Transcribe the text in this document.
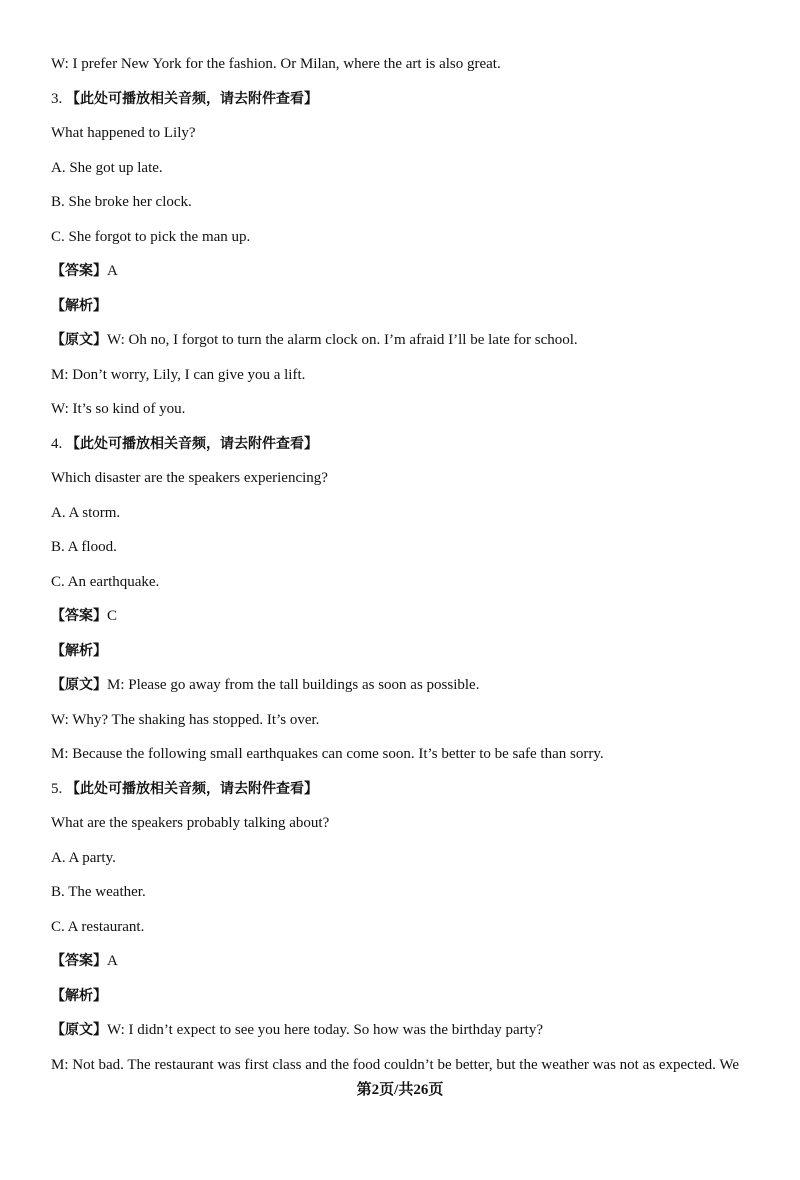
W: I prefer New York for the fashion. Or Milan, where the art is also great.
3. 【此处可播放相关音频，请去附件查看】
What happened to Lily?
A. She got up late.
B. She broke her clock.
C. She forgot to pick the man up.
【答案】A
【解析】
【原文】W: Oh no, I forgot to turn the alarm clock on. I’m afraid I’ll be late for school.
M: Don’t worry, Lily, I can give you a lift.
W: It’s so kind of you.
4. 【此处可播放相关音频，请去附件查看】
Which disaster are the speakers experiencing?
A. A storm.
B. A flood.
C. An earthquake.
【答案】C
【解析】
【原文】M: Please go away from the tall buildings as soon as possible.
W: Why? The shaking has stopped. It’s over.
M: Because the following small earthquakes can come soon. It’s better to be safe than sorry.
5. 【此处可播放相关音频，请去附件查看】
What are the speakers probably talking about?
A. A party.
B. The weather.
C. A restaurant.
【答案】A
【解析】
【原文】W: I didn’t expect to see you here today. So how was the birthday party?
M: Not bad. The restaurant was first class and the food couldn’t be better, but the weather was not as expected. We
第2页/共26页
